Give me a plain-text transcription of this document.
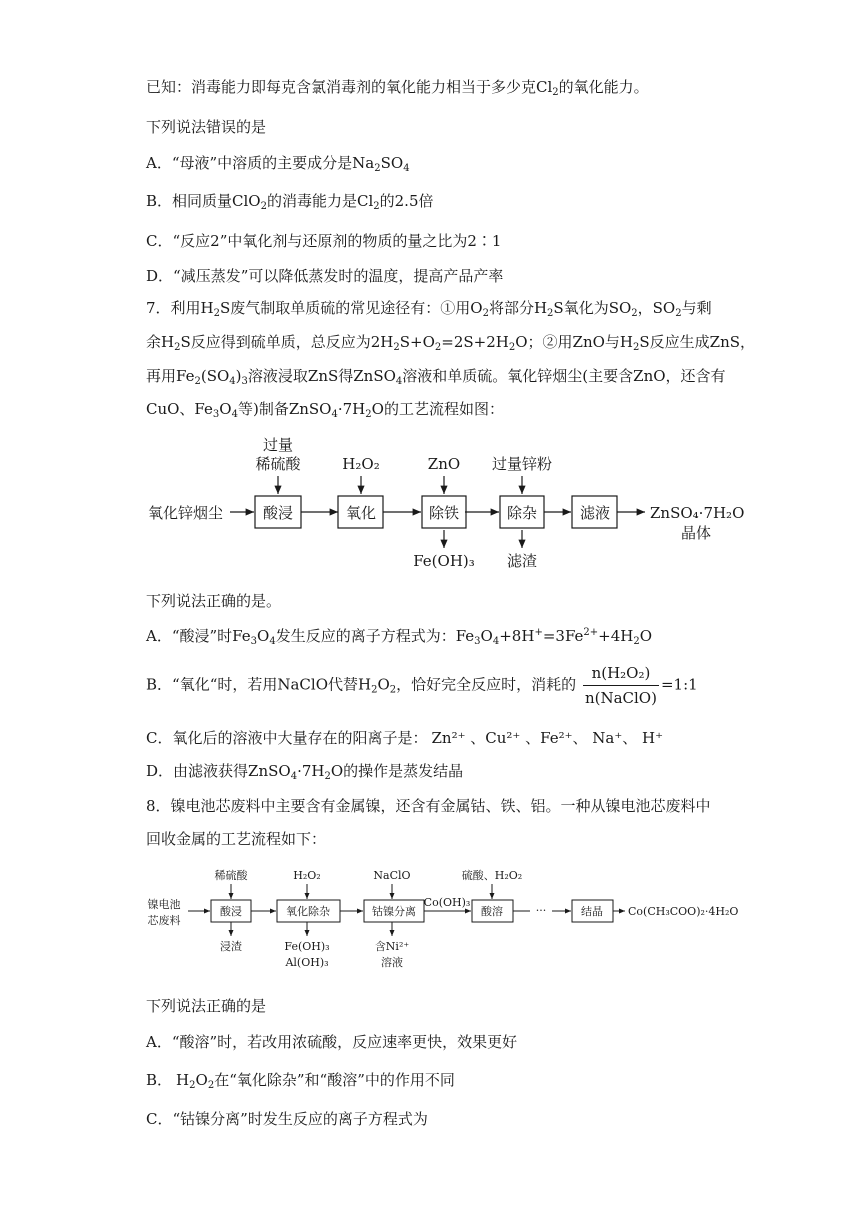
已知：消毒能力即每克含氯消毒剂的氧化能力相当于多少克$Cl_2$的氧化能力。
下列说法错误的是
A．“母液”中溶质的主要成分是$Na_2SO_4$
B．相同质量ClO$_2$的消毒能力是$Cl_2$的2.5倍
C．“反应2”中氧化剂与还原剂的物质的量之比为2∶1
D．“减压蒸发”可以降低蒸发时的温度，提高产品产率
7．利用$H_2S$废气制取单质硫的常见途径有：①用$O_2$将部分$H_2S$氧化为$SO_2$，$SO_2$与剩
余$H_2S$反应得到硫单质，总反应为$2H_2S+O_2=2S+2H_2O$；②用ZnO与$H_2S$反应生成ZnS，
再用$Fe_2(SO_4)_3$溶液浸取ZnS得ZnSO$_4$溶液和单质硫。氧化锌烟尘(主要含ZnO，还含有
CuO、$Fe_3O_4$等)制备$ZnSO_4\cdot 7H_2O$的工艺流程如图：
氧化锌烟尘	酸浸	氧化	除铁	除杂	滤液
过量
稀硫酸	H₂O₂	ZnO 过量锌粉
Fe(OH)₃ 滤渣
ZnSO₄·7H₂O
晶体
下列说法正确的是。
A．“酸浸”时$Fe_3O_4$发生反应的离子方程式为：$Fe_3O_4+8H^+=3Fe^{2+}+4H_2O$
B．“氧化“时，若用NaClO代替$H_2O_2$，恰好完全反应时，消耗的 $\frac{\text{n(H₂O₂)}}{\text{n(NaClO)}}$ =1:1
C．氧化后的溶液中大量存在的阳离子是： Zn²⁺ 、Cu²⁺ 、Fe²⁺、 Na⁺、 H⁺
D．由滤液获得$ZnSO_4\cdot 7H_2O$的操作是蒸发结晶
8．镍电池芯废料中主要含有金属镍，还含有金属钴、铁、铝。一种从镍电池芯废料中
回收金属的工艺流程如下：
镍电池
芯废料
酸浸	氧化除杂	钴镍分离	酸溶	结晶
稀硫酸	H₂O₂	NaClO	硫酸、H₂O₂
Co(OH)₃
···
浸渣	Fe(OH)₃
Al(OH)₃
含Ni²⁺
溶液
Co(CH₃COO)₂·4H₂O
下列说法正确的是
A．“酸溶”时，若改用浓硫酸，反应速率更快，效果更好
B． $H_2O_2$在“氧化除杂”和“酸溶”中的作用不同
C．“钴镍分离”时发生反应的离子方程式为
